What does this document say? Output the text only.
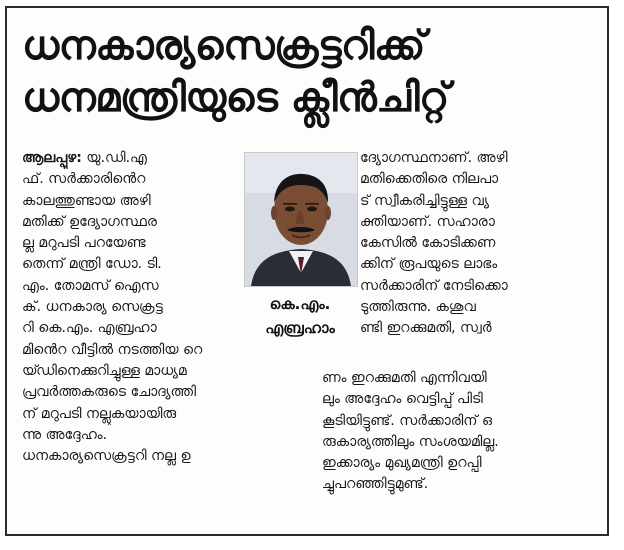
ധനകാര്യസെക്രട്ടറിക്ക്
ധനമന്ത്രിയുടെ ക്ലീൻചിറ്റ്
ആലപ്പുഴ: യു.ഡി.എ
ഫ്. സർക്കാരിൻെറ
കാലത്തുണ്ടായ അഴി
മതിക്ക് ഉദ്യോഗസ്ഥര
ല്ല മറുപടി പറയേണ്ട
തെന്ന് മന്ത്രി ഡോ. ടി.
എം. തോമസ് ഐസ
ക്. ധനകാര്യ സെക്രട്ട
റി കെ.എം. എബ്രഹാ
മിൻെറ വീട്ടിൽ നടത്തിയ റെ
യ്ഡിനെക്കുറിച്ചുള്ള മാധ്യമ
പ്രവർത്തകരുടെ ചോദ്യത്തി
ന് മറുപടി നല്ലുകയായിരു
ന്നു അദ്ദേഹം.
ധനകാര്യസെക്രട്ടറി നല്ല ഉ
കെ.എം.
എബ്രഹാം
ദ്യോഗസ്ഥനാണ്. അഴി
മതിക്കെതിരെ നിലപാ
ട് സ്വീകരിച്ചിട്ടുള്ള വ്യ
ക്തിയാണ്. സഹാരാ
കേസിൽ കോടിക്കണ
ക്കിന് രൂപയുടെ ലാഭം
സർക്കാരിന് നേടിക്കൊ
ടുത്തിരുന്നു. കശുവ
ണ്ടി ഇറക്കുമതി, സ്വർ
ണം ഇറക്കുമതി എന്നിവയി
ലും അദ്ദേഹം വെട്ടിപ്പ് പിടി
കൂടിയിട്ടുണ്ട്. സർക്കാരിന് ഒ
രുകാര്യത്തിലും സംശയമില്ല.
ഇക്കാര്യം മുഖ്യമന്ത്രി ഉറപ്പി
ച്ചുപറഞ്ഞിട്ടുമുണ്ട്.
